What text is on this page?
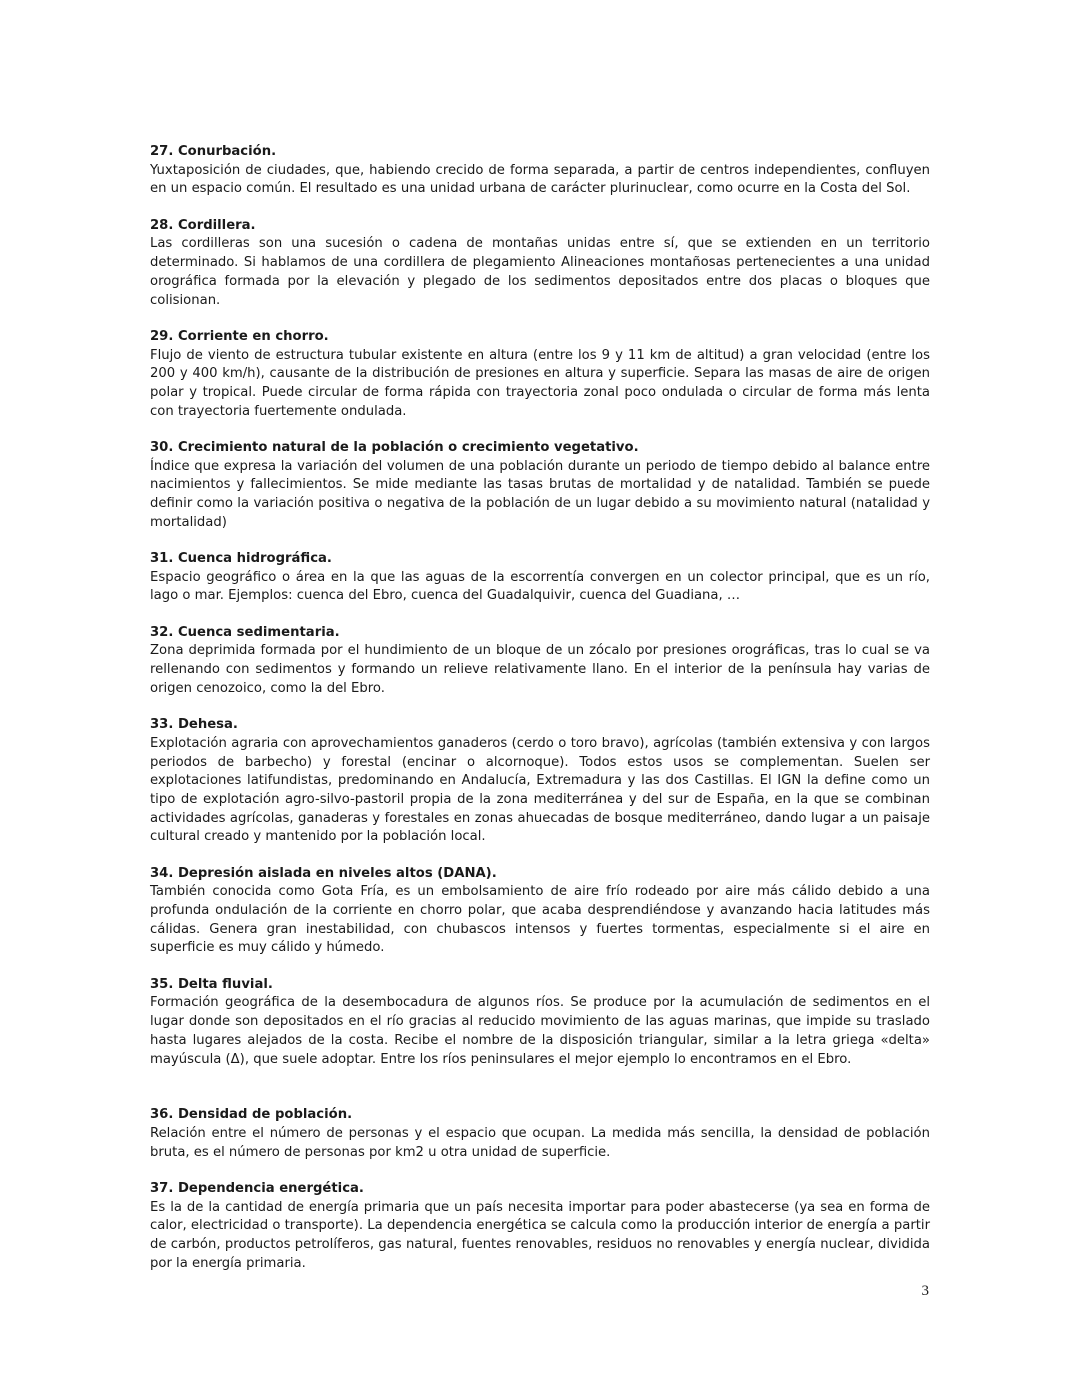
27. Conurbación.

Yuxtaposición de ciudades, que, habiendo crecido de forma separada, a partir de centros independientes, confluyen en un espacio común. El resultado es una unidad urbana de carácter plurinuclear, como ocurre en la Costa del Sol.

28. Cordillera.

Las cordilleras son una sucesión o cadena de montañas unidas entre sí, que se extienden en un territorio determinado. Si hablamos de una cordillera de plegamiento Alineaciones montañosas pertenecientes a una unidad orográfica formada por la elevación y plegado de los sedimentos depositados entre dos placas o bloques que colisionan.

29. Corriente en chorro.

Flujo de viento de estructura tubular existente en altura (entre los 9 y 11 km de altitud) a gran velocidad (entre los 200 y 400 km/h), causante de la distribución de presiones en altura y superficie. Separa las masas de aire de origen polar y tropical. Puede circular de forma rápida con trayectoria zonal poco ondulada o circular de forma más lenta con trayectoria fuertemente ondulada.

30. Crecimiento natural de la población o crecimiento vegetativo.

Índice que expresa la variación del volumen de una población durante un periodo de tiempo debido al balance entre nacimientos y fallecimientos. Se mide mediante las tasas brutas de mortalidad y de natalidad. También se puede definir como la variación positiva o negativa de la población de un lugar debido a su movimiento natural (natalidad y mortalidad)

31. Cuenca hidrográfica.

Espacio geográfico o área en la que las aguas de la escorrentía convergen en un colector principal, que es un río, lago o mar. Ejemplos: cuenca del Ebro, cuenca del Guadalquivir, cuenca del Guadiana, …

32. Cuenca sedimentaria.

Zona deprimida formada por el hundimiento de un bloque de un zócalo por presiones orográficas, tras lo cual se va rellenando con sedimentos y formando un relieve relativamente llano. En el interior de la península hay varias de origen cenozoico, como la del Ebro.

33. Dehesa.

Explotación agraria con aprovechamientos ganaderos (cerdo o toro bravo), agrícolas (también extensiva y con largos periodos de barbecho) y forestal (encinar o alcornoque). Todos estos usos se complementan. Suelen ser explotaciones latifundistas, predominando en Andalucía, Extremadura y las dos Castillas. El IGN la define como un tipo de explotación agro-silvo-pastoril propia de la zona mediterránea y del sur de España, en la que se combinan actividades agrícolas, ganaderas y forestales en zonas ahuecadas de bosque mediterráneo, dando lugar a un paisaje cultural creado y mantenido por la población local.

34. Depresión aislada en niveles altos (DANA).

También conocida como Gota Fría, es un embolsamiento de aire frío rodeado por aire más cálido debido a una profunda ondulación de la corriente en chorro polar, que acaba desprendiéndose y avanzando hacia latitudes más cálidas. Genera gran inestabilidad, con chubascos intensos y fuertes tormentas, especialmente si el aire en superficie es muy cálido y húmedo.

35. Delta fluvial.

Formación geográfica de la desembocadura de algunos ríos. Se produce por la acumulación de sedimentos en el lugar donde son depositados en el río gracias al reducido movimiento de las aguas marinas, que impide su traslado hasta lugares alejados de la costa. Recibe el nombre de la disposición triangular, similar a la letra griega «delta» mayúscula (Δ), que suele adoptar. Entre los ríos peninsulares el mejor ejemplo lo encontramos en el Ebro.

36. Densidad de población.

Relación entre el número de personas y el espacio que ocupan. La medida más sencilla, la densidad de población bruta, es el número de personas por km2 u otra unidad de superficie.

37. Dependencia energética.

Es la de la cantidad de energía primaria que un país necesita importar para poder abastecerse (ya sea en forma de calor, electricidad o transporte). La dependencia energética se calcula como la producción interior de energía a partir de carbón, productos petrolíferos, gas natural, fuentes renovables, residuos no renovables y energía nuclear, dividida por la energía primaria.

3
